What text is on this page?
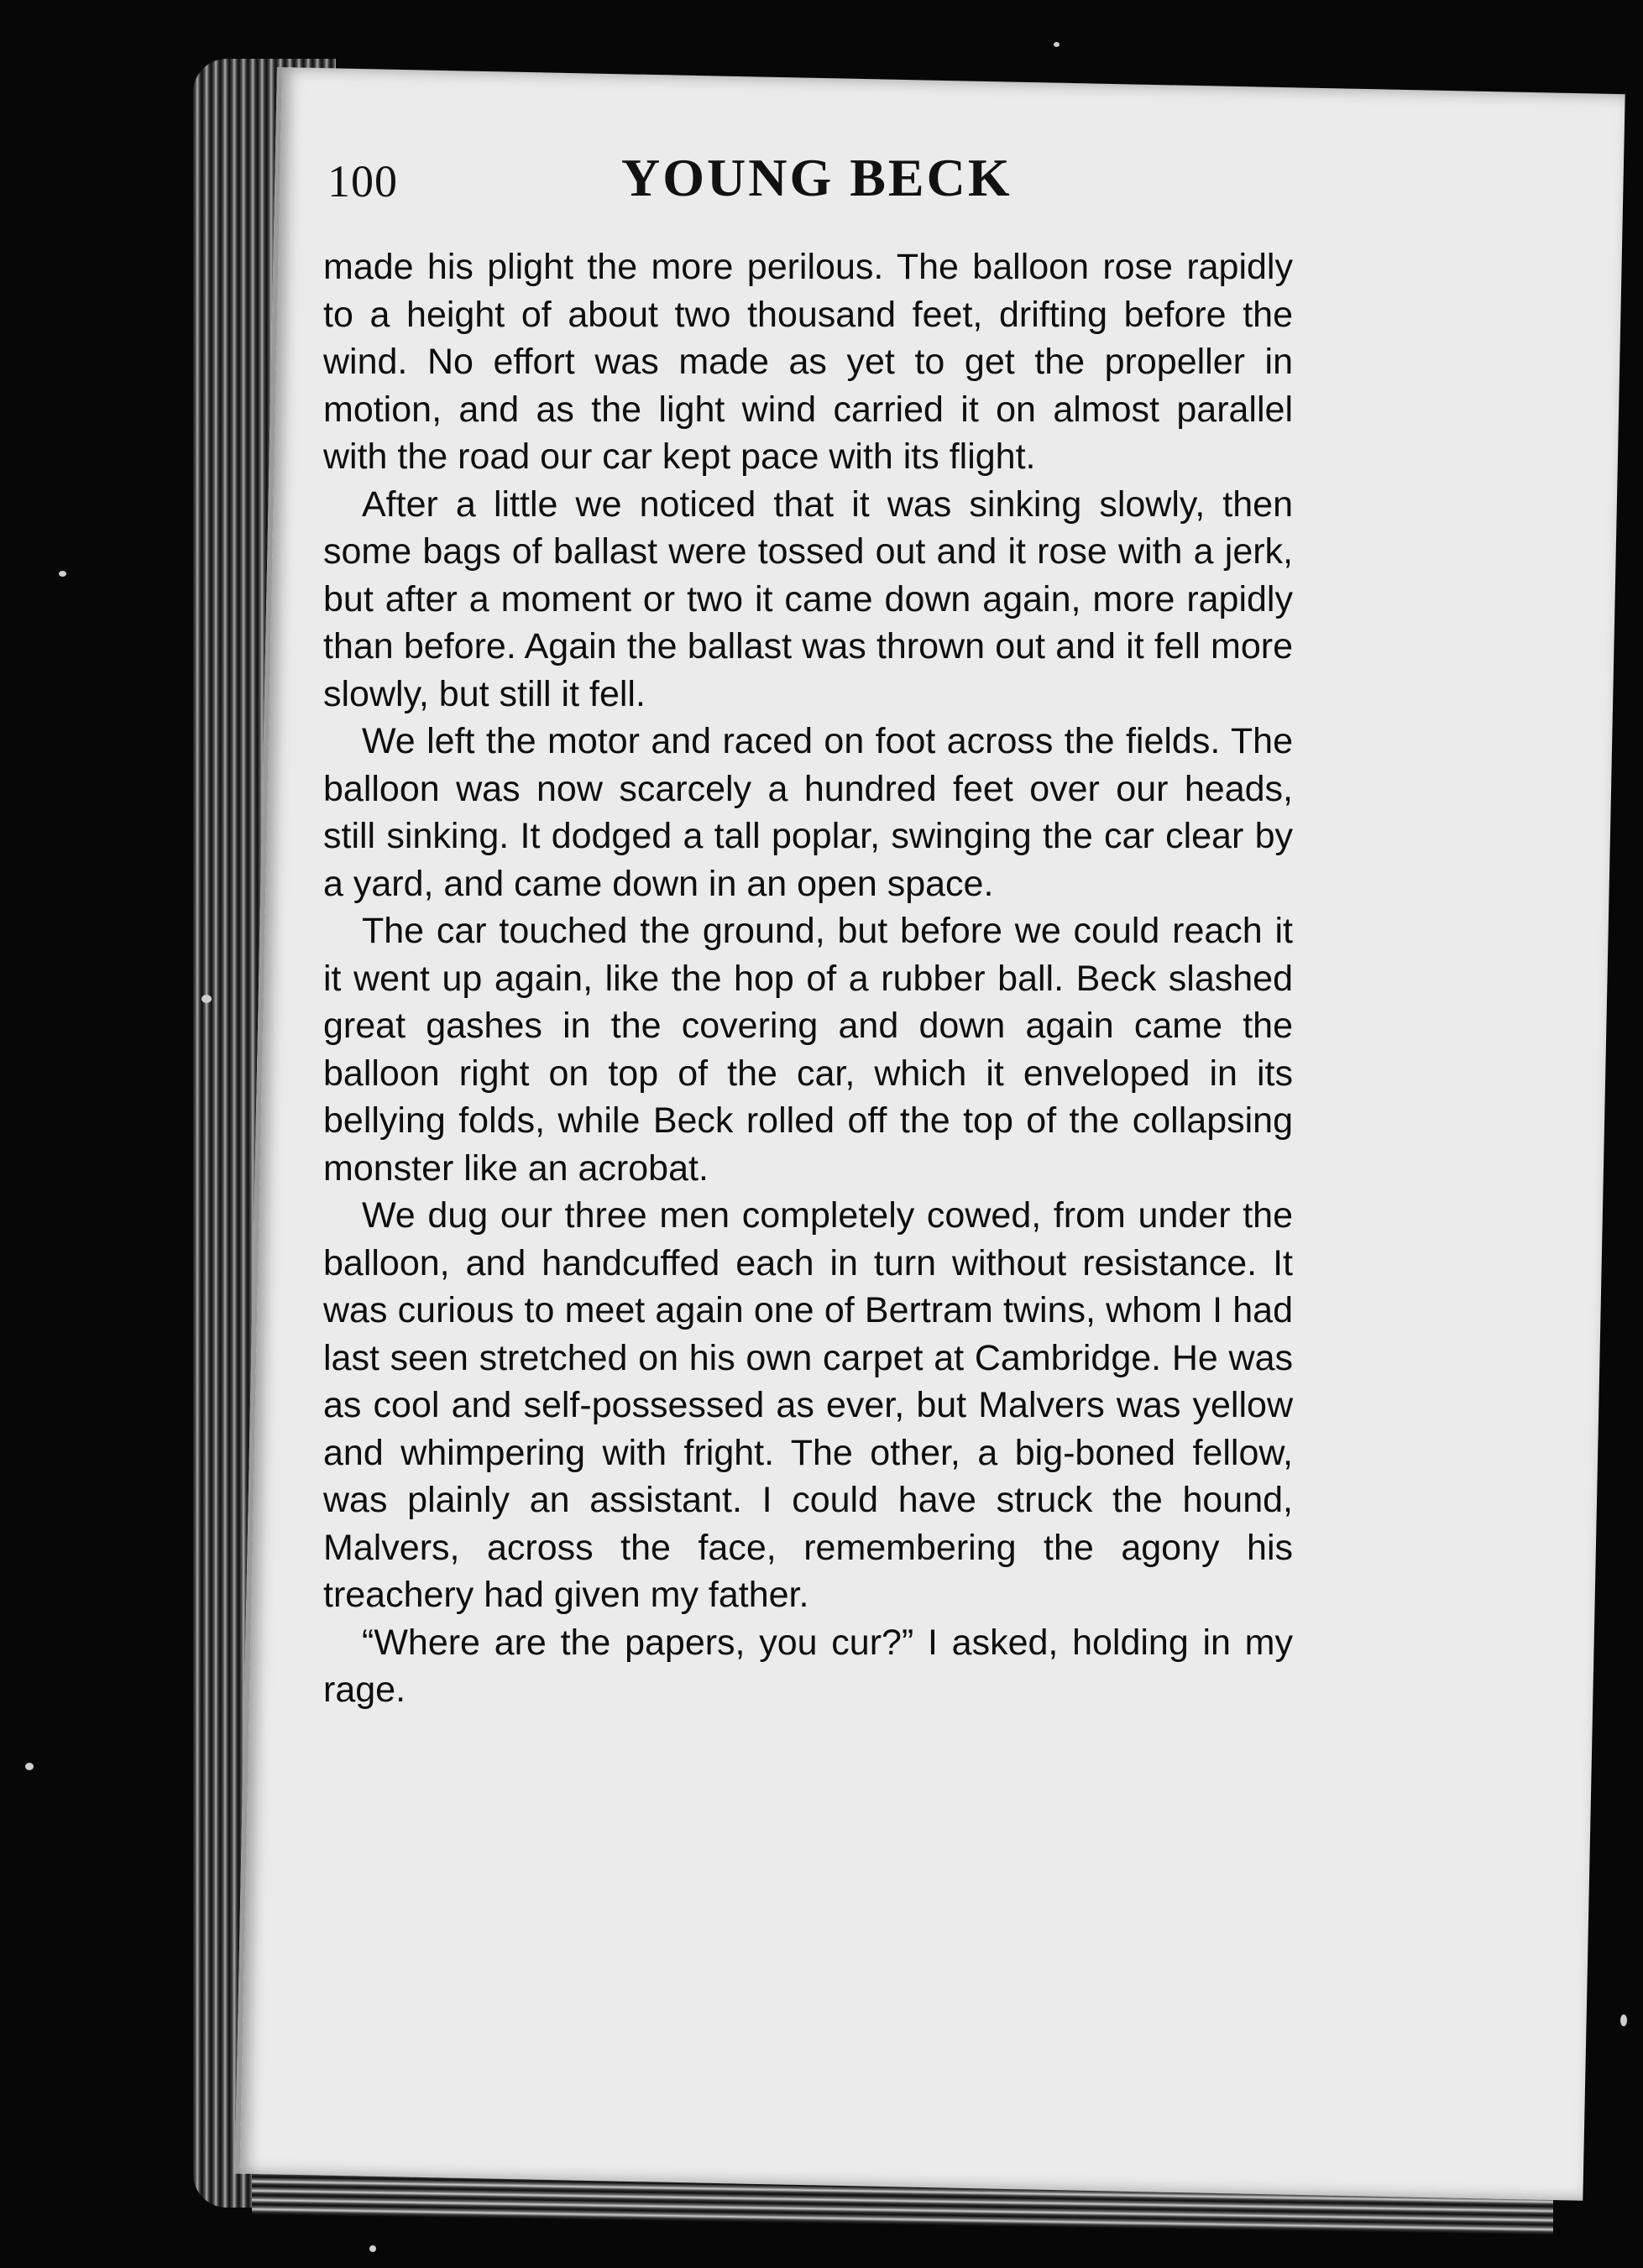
100	YOUNG BECK

made his plight the more perilous. The balloon rose rapidly to a height of about two thousand feet, drifting before the wind. No effort was made as yet to get the propeller in motion, and as the light wind carried it on almost parallel with the road our car kept pace with its flight.

After a little we noticed that it was sinking slowly, then some bags of ballast were tossed out and it rose with a jerk, but after a moment or two it came down again, more rapidly than before. Again the ballast was thrown out and it fell more slowly, but still it fell.

We left the motor and raced on foot across the fields. The balloon was now scarcely a hundred feet over our heads, still sinking. It dodged a tall poplar, swinging the car clear by a yard, and came down in an open space.

The car touched the ground, but before we could reach it it went up again, like the hop of a rubber ball. Beck slashed great gashes in the covering and down again came the balloon right on top of the car, which it enveloped in its bellying folds, while Beck rolled off the top of the collapsing monster like an acrobat.

We dug our three men completely cowed, from under the balloon, and handcuffed each in turn without resistance. It was curious to meet again one of Bertram twins, whom I had last seen stretched on his own carpet at Cambridge. He was as cool and self-possessed as ever, but Malvers was yellow and whimpering with fright. The other, a big-boned fellow, was plainly an assistant. I could have struck the hound, Malvers, across the face, remembering the agony his treachery had given my father.

“Where are the papers, you cur?” I asked, holding in my rage.
